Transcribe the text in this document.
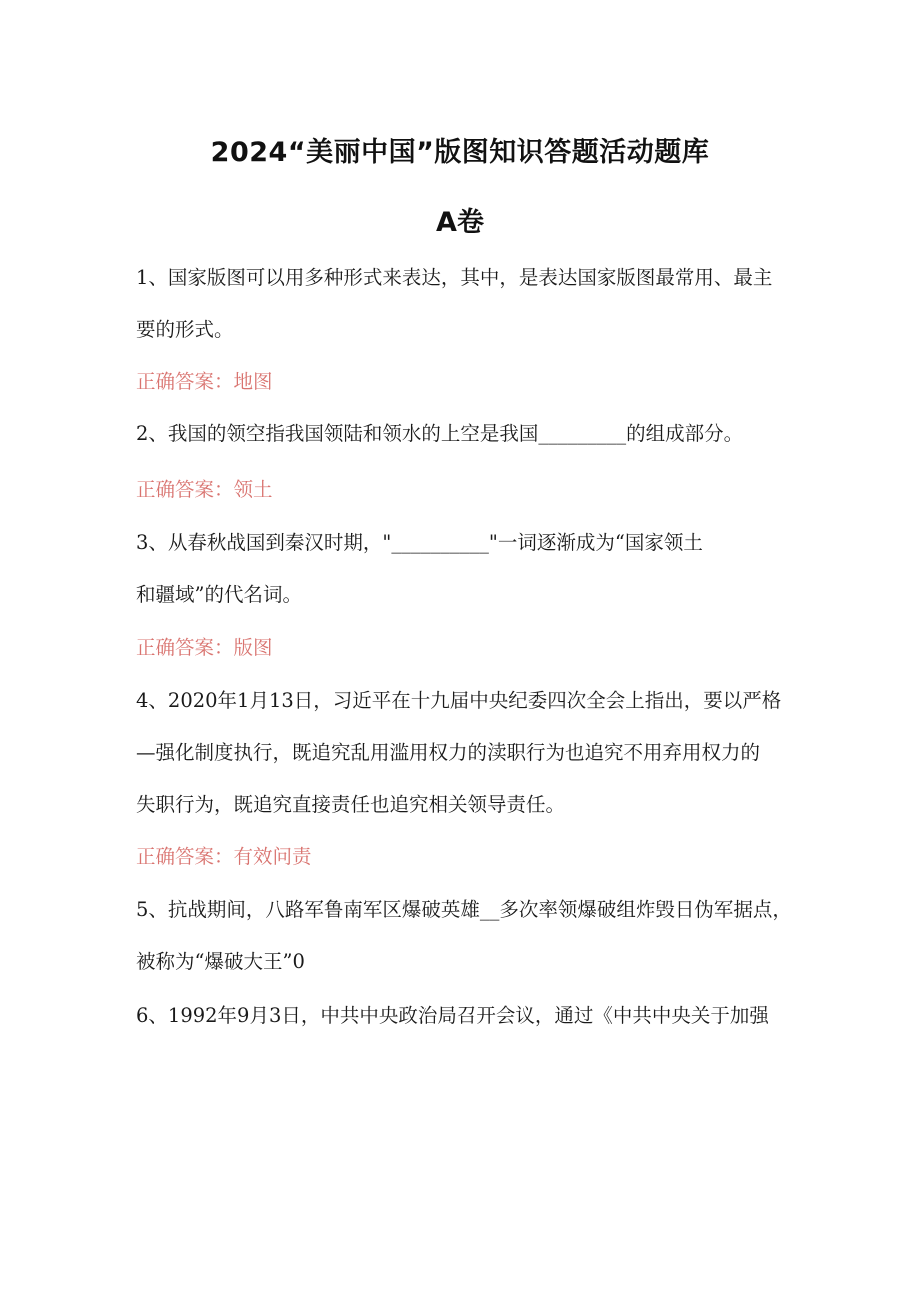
2024“美丽中国”版图知识答题活动题库
A卷
1、国家版图可以用多种形式来表达，其中，是表达国家版图最常用、最主
要的形式。
正确答案：地图
2、我国的领空指我国领陆和领水的上空是我国_________的组成部分。
正确答案：领土
3、从春秋战国到秦汉时期，"__________"一词逐渐成为“国家领土
和疆域”的代名词。
正确答案：版图
4、2020年1月13日，习近平在十九届中央纪委四次全会上指出，要以严格
—强化制度执行，既追究乱用滥用权力的渎职行为也追究不用弃用权力的
失职行为，既追究直接责任也追究相关领导责任。
正确答案：有效问责
5、抗战期间，八路军鲁南军区爆破英雄__多次率领爆破组炸毁日伪军据点，
被称为“爆破大王”0
6、1992年9月3日，中共中央政治局召开会议，通过《中共中央关于加强
